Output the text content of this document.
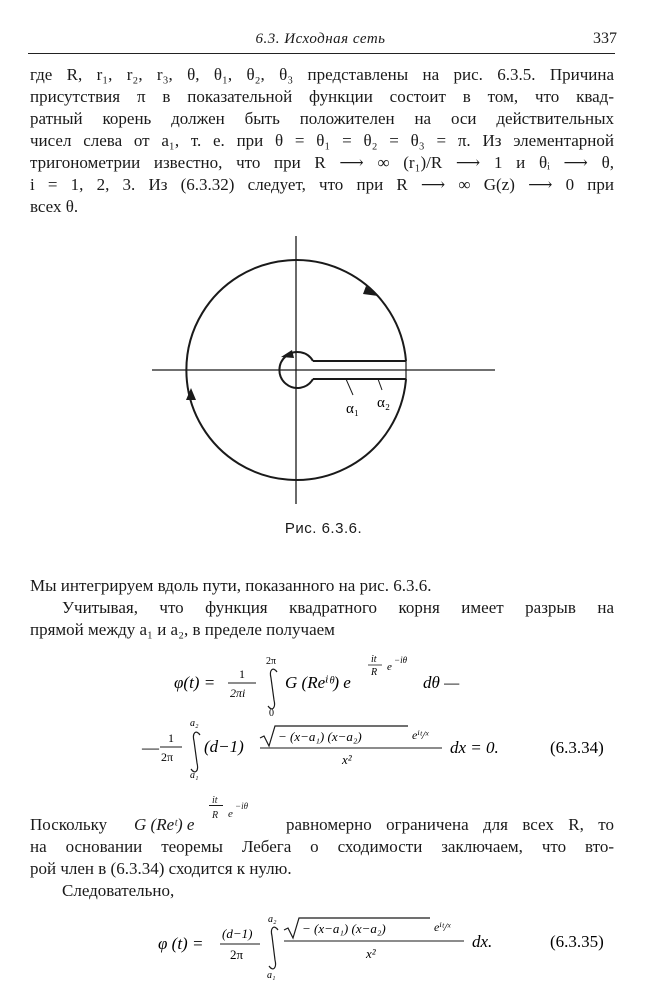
6.3. Исходная сеть	337
где R, r₁, r₂, r₃, θ, θ₁, θ₂, θ₃ представлены на рис. 6.3.5. Причина
присутствия π в показательной функции состоит в том, что квад-
ратный корень должен быть положителен на оси действительных
чисел слева от a₁, т. е. при θ = θ₁ = θ₂ = θ₃ = π. Из элементарной
тригонометрии известно, что при R ⟶ ∞ (r₁)/R ⟶ 1 и θᵢ ⟶ θ,
i = 1, 2, 3. Из (6.3.32) следует, что при R ⟶ ∞ G(z) ⟶ 0 при
всех θ.
α₁ α₂
Рис. 6.3.6.
Мы интегрируем вдоль пути, показанного на рис. 6.3.6.
Учитывая, что функция квадратного корня имеет разрыв на
прямой между a₁ и a₂, в пределе получаем
φ(t) = 1
2πi
2π
0
G (Reⁱᶿ) e
it
R e
−iθ
dθ —
— 1
2π
a₂
a₁
(d−1)
− (x−a₁) (x−a₂)	eⁱᵗ/ˣ
x²
dx = 0.	(6.3.34)
Поскольку G (Reᵗ) e
it
R e
−iθ
равномерно ограничена для всех R, то
на основании теоремы Лебега о сходимости заключаем, что вто-
рой член в (6.3.34) сходится к нулю.
Следовательно,
φ (t) =
(d−1)
2π
a₂
a₁
− (x−a₁) (x−a₂)	eⁱᵗ/ˣ
x²
dx.	(6.3.35)
